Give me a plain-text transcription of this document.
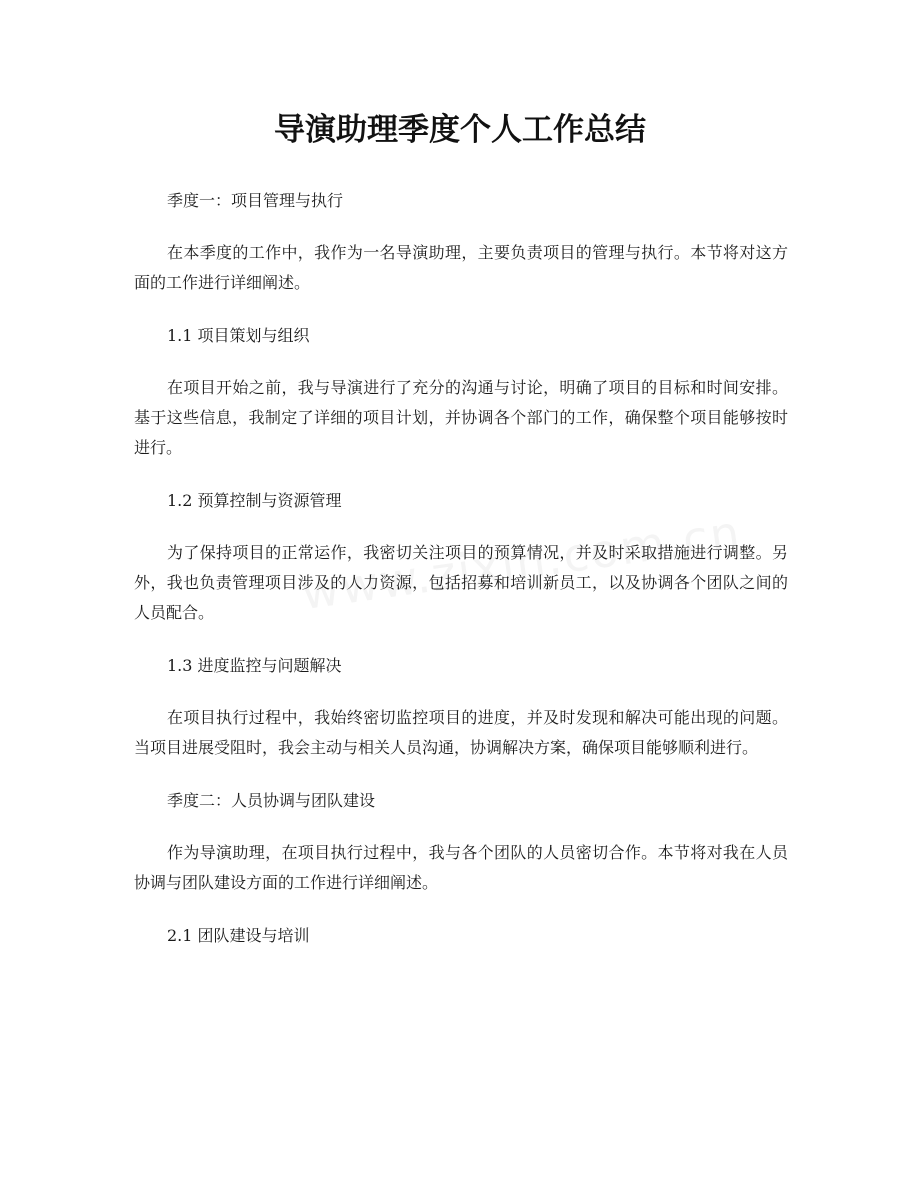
导演助理季度个人工作总结

季度一：项目管理与执行

在本季度的工作中，我作为一名导演助理，主要负责项目的管理与执行。本节将对这方面的工作进行详细阐述。

1.1 项目策划与组织

在项目开始之前，我与导演进行了充分的沟通与讨论，明确了项目的目标和时间安排。基于这些信息，我制定了详细的项目计划，并协调各个部门的工作，确保整个项目能够按时进行。

1.2 预算控制与资源管理

为了保持项目的正常运作，我密切关注项目的预算情况，并及时采取措施进行调整。另外，我也负责管理项目涉及的人力资源，包括招募和培训新员工，以及协调各个团队之间的人员配合。

1.3 进度监控与问题解决

在项目执行过程中，我始终密切监控项目的进度，并及时发现和解决可能出现的问题。当项目进展受阻时，我会主动与相关人员沟通，协调解决方案，确保项目能够顺利进行。

季度二：人员协调与团队建设

作为导演助理，在项目执行过程中，我与各个团队的人员密切合作。本节将对我在人员协调与团队建设方面的工作进行详细阐述。

2.1 团队建设与培训
